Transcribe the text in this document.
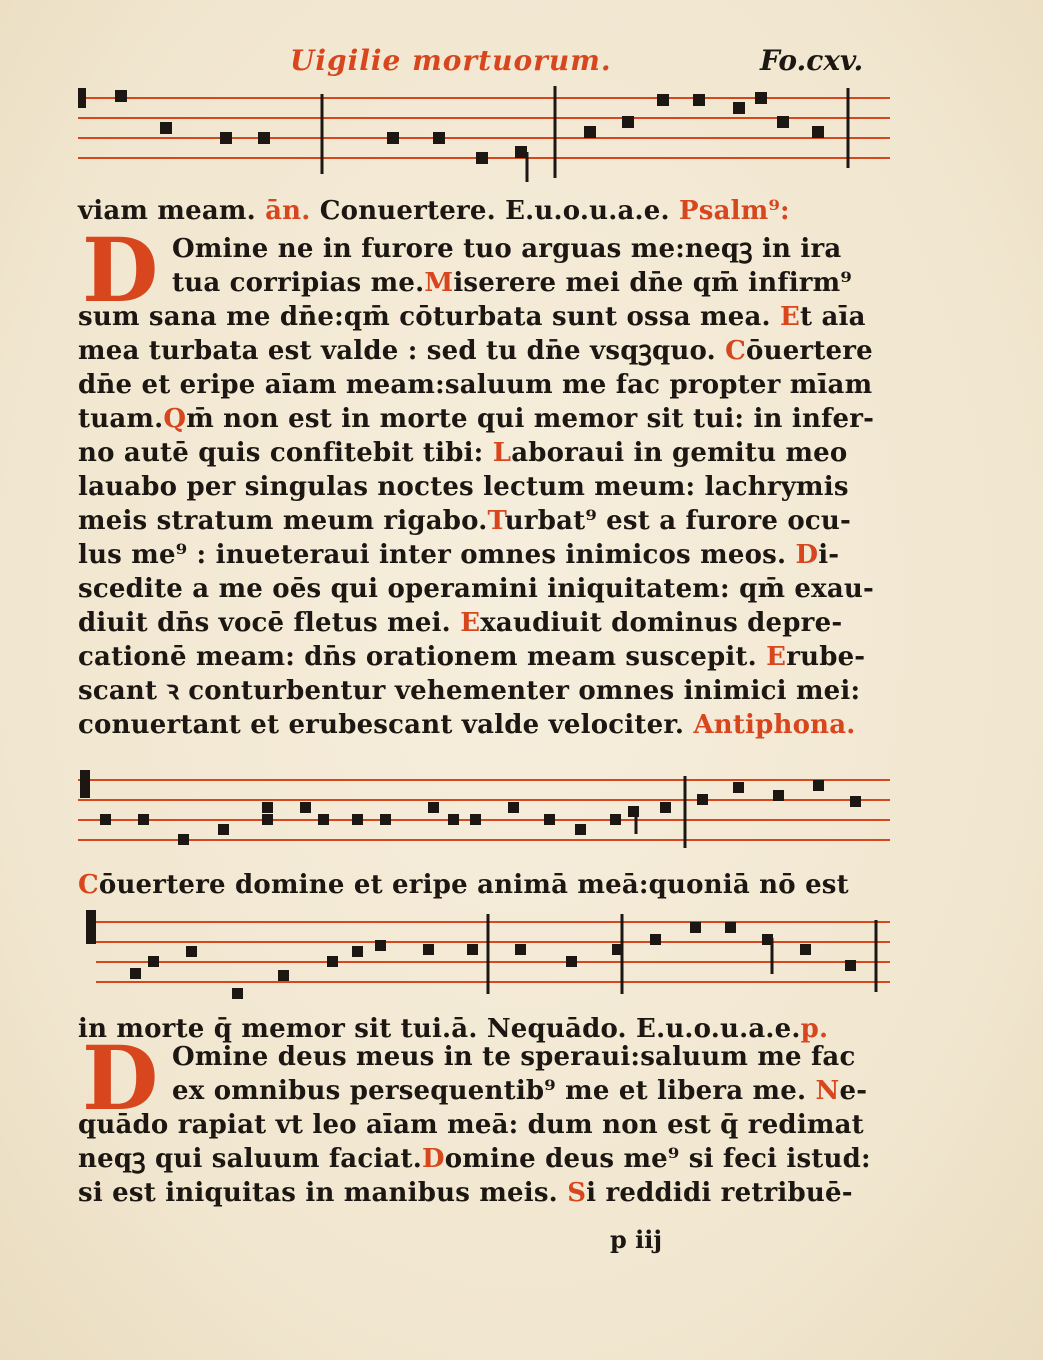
Uigilie mortuorum.	Fo.cxv.
viam meam. ān. Conuertere. E.u.o.u.a.e. Psalm⁹:
D Omine ne in furore tuo arguas me:neqꝫ in ira
tua corripias me.Miserere mei dn̄e qm̄ infirm⁹
sum sana me dn̄e:qm̄ cōturbata sunt ossa mea. Et aīa
mea turbata est valde : sed tu dn̄e vsqꝫquo. Cōuertere
dn̄e et eripe aīam meam:saluum me fac propter mīam
tuam.Qm̄ non est in morte qui memor sit tui: in infer-
no autē quis confitebit tibi: Laboraui in gemitu meo
lauabo per singulas noctes lectum meum: lachrymis
meis stratum meum rigabo.Turbat⁹ est a furore ocu-
lus me⁹ : inueteraui inter omnes inimicos meos. Di-
scedite a me oēs qui operamini iniquitatem: qm̄ exau-
diuit dn̄s vocē fletus mei. Exaudiuit dominus depre-
cationē meam: dn̄s orationem meam suscepit. Erube-
scant ꝛ conturbentur vehementer omnes inimici mei:
conuertant et erubescant valde velociter. Antiphona.
Cōuertere domine et eripe animā meā:quoniā nō est
in morte q̄ memor sit tui.ā. Nequādo. E.u.o.u.a.e.p.
D Omine deus meus in te speraui:saluum me fac
ex omnibus persequentib⁹ me et libera me. Ne-
quādo rapiat vt leo aīam meā: dum non est q̄ redimat
neqꝫ qui saluum faciat.Domine deus me⁹ si feci istud:
si est iniquitas in manibus meis. Si reddidi retribuē-
p iij
